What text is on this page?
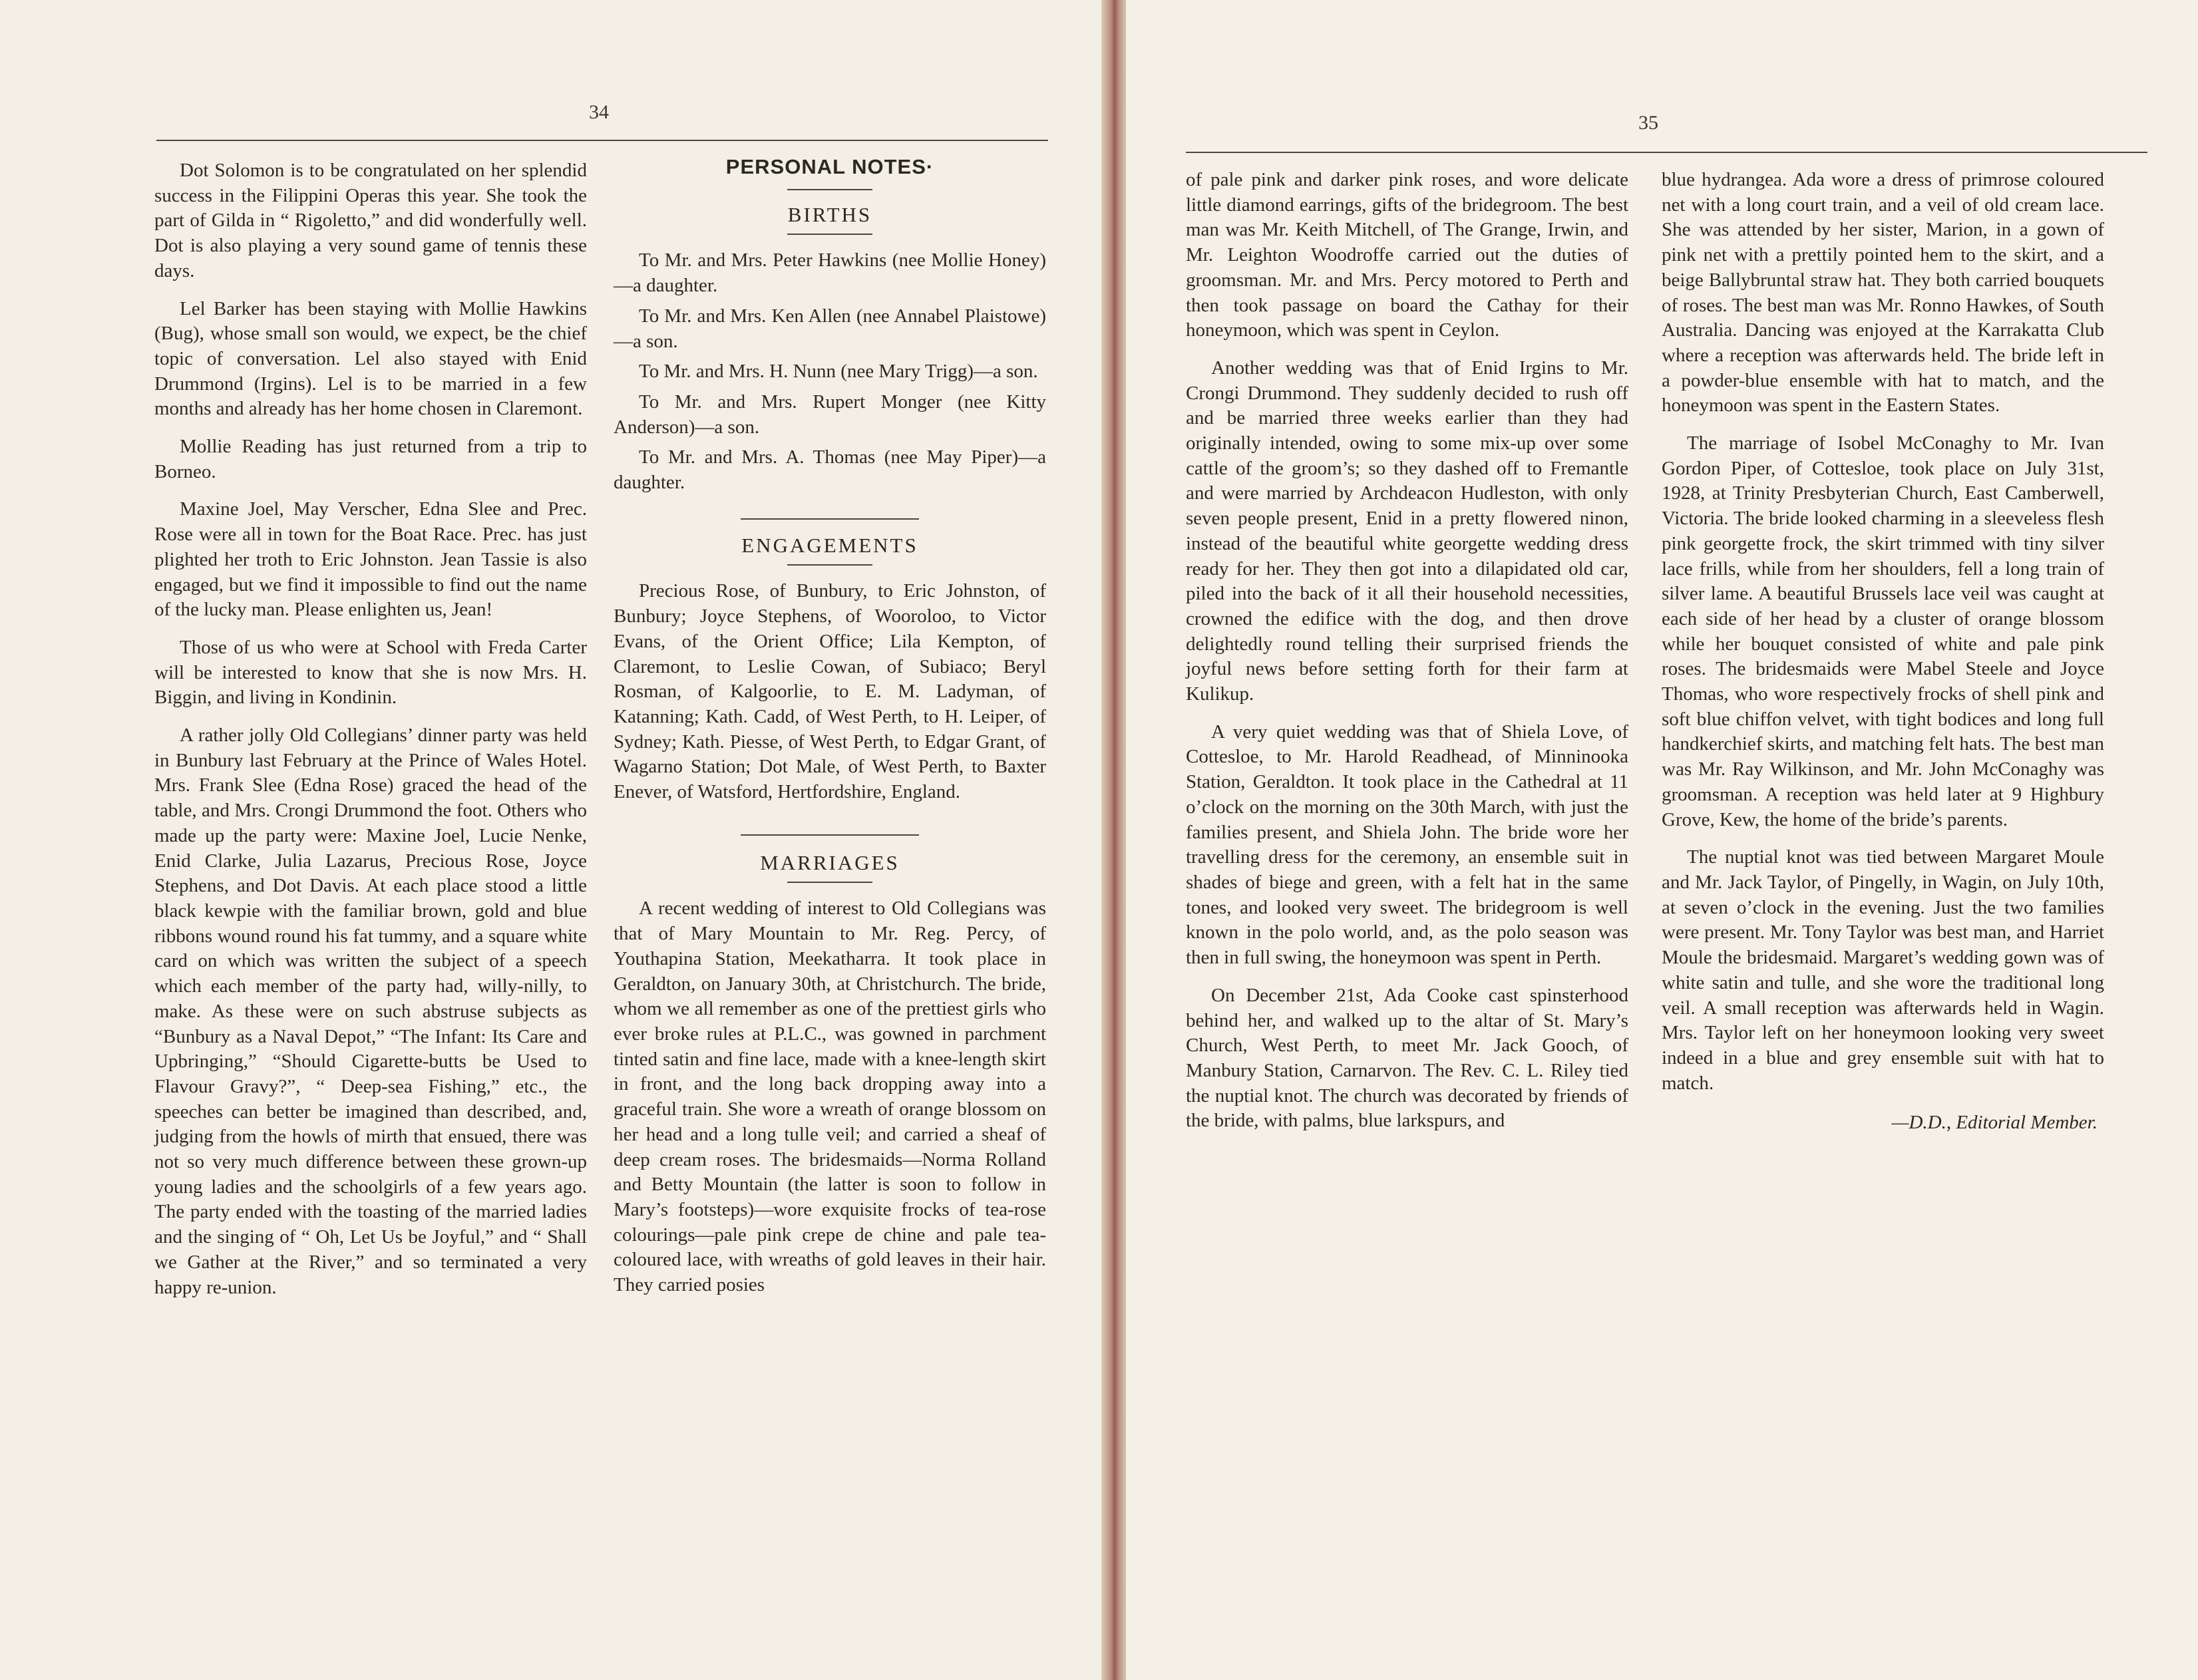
34

Dot Solomon is to be congratulated on her splendid success in the Filippini Operas this year. She took the part of Gilda in “ Rigoletto,” and did wonderfully well. Dot is also playing a very sound game of tennis these days.

Lel Barker has been staying with Mollie Hawkins (Bug), whose small son would, we expect, be the chief topic of conversation. Lel also stayed with Enid Drummond (Irgins). Lel is to be married in a few months and already has her home chosen in Claremont.

Mollie Reading has just returned from a trip to Borneo.

Maxine Joel, May Verscher, Edna Slee and Prec. Rose were all in town for the Boat Race. Prec. has just plighted her troth to Eric Johnston. Jean Tassie is also engaged, but we find it impossible to find out the name of the lucky man. Please enlighten us, Jean!

Those of us who were at School with Freda Carter will be interested to know that she is now Mrs. H. Biggin, and living in Kondinin.

A rather jolly Old Collegians’ dinner party was held in Bunbury last February at the Prince of Wales Hotel. Mrs. Frank Slee (Edna Rose) graced the head of the table, and Mrs. Crongi Drummond the foot. Others who made up the party were: Maxine Joel, Lucie Nenke, Enid Clarke, Julia Lazarus, Precious Rose, Joyce Stephens, and Dot Davis. At each place stood a little black kewpie with the familiar brown, gold and blue ribbons wound round his fat tummy, and a square white card on which was written the subject of a speech which each member of the party had, willy-nilly, to make. As these were on such abstruse subjects as “Bunbury as a Naval Depot,” “The Infant: Its Care and Upbringing,” “Should Cigarette-butts be Used to Flavour Gravy?”, “ Deep-sea Fishing,” etc., the speeches can better be imagined than described, and, judging from the howls of mirth that ensued, there was not so very much difference between these grown-up young ladies and the schoolgirls of a few years ago. The party ended with the toasting of the married ladies and the singing of “ Oh, Let Us be Joyful,” and “ Shall we Gather at the River,” and so terminated a very happy re-union.

PERSONAL NOTES·
BIRTHS

To Mr. and Mrs. Peter Hawkins (nee Mollie Honey)—a daughter.

To Mr. and Mrs. Ken Allen (nee Annabel Plaistowe)—a son.

To Mr. and Mrs. H. Nunn (nee Mary Trigg)—a son.

To Mr. and Mrs. Rupert Monger (nee Kitty Anderson)—a son.

To Mr. and Mrs. A. Thomas (nee May Piper)—a daughter.

ENGAGEMENTS

Precious Rose, of Bunbury, to Eric Johnston, of Bunbury; Joyce Stephens, of Wooroloo, to Victor Evans, of the Orient Office; Lila Kempton, of Claremont, to Leslie Cowan, of Subiaco; Beryl Rosman, of Kalgoorlie, to E. M. Ladyman, of Katanning; Kath. Cadd, of West Perth, to H. Leiper, of Sydney; Kath. Piesse, of West Perth, to Edgar Grant, of Wagarno Station; Dot Male, of West Perth, to Baxter Enever, of Watsford, Hertfordshire, England.

MARRIAGES

A recent wedding of interest to Old Collegians was that of Mary Mountain to Mr. Reg. Percy, of Youthapina Station, Meekatharra. It took place in Geraldton, on January 30th, at Christchurch. The bride, whom we all remember as one of the prettiest girls who ever broke rules at P.L.C., was gowned in parchment tinted satin and fine lace, made with a knee-length skirt in front, and the long back dropping away into a graceful train. She wore a wreath of orange blossom on her head and a long tulle veil; and carried a sheaf of deep cream roses. The bridesmaids—Norma Rolland and Betty Mountain (the latter is soon to follow in Mary’s footsteps)—wore exquisite frocks of tea-rose colourings—pale pink crepe de chine and pale tea-coloured lace, with wreaths of gold leaves in their hair. They carried posies

35

of pale pink and darker pink roses, and wore delicate little diamond earrings, gifts of the bridegroom. The best man was Mr. Keith Mitchell, of The Grange, Irwin, and Mr. Leighton Woodroffe carried out the duties of groomsman. Mr. and Mrs. Percy motored to Perth and then took passage on board the Cathay for their honeymoon, which was spent in Ceylon.

Another wedding was that of Enid Irgins to Mr. Crongi Drummond. They suddenly decided to rush off and be married three weeks earlier than they had originally intended, owing to some mix-up over some cattle of the groom’s; so they dashed off to Fremantle and were married by Archdeacon Hudleston, with only seven people present, Enid in a pretty flowered ninon, instead of the beautiful white georgette wedding dress ready for her. They then got into a dilapidated old car, piled into the back of it all their household necessities, crowned the edifice with the dog, and then drove delightedly round telling their surprised friends the joyful news before setting forth for their farm at Kulikup.

A very quiet wedding was that of Shiela Love, of Cottesloe, to Mr. Harold Readhead, of Minninooka Station, Geraldton. It took place in the Cathedral at 11 o’clock on the morning on the 30th March, with just the families present, and Shiela John. The bride wore her travelling dress for the ceremony, an ensemble suit in shades of biege and green, with a felt hat in the same tones, and looked very sweet. The bridegroom is well known in the polo world, and, as the polo season was then in full swing, the honeymoon was spent in Perth.

On December 21st, Ada Cooke cast spinsterhood behind her, and walked up to the altar of St. Mary’s Church, West Perth, to meet Mr. Jack Gooch, of Manbury Station, Carnarvon. The Rev. C. L. Riley tied the nuptial knot. The church was decorated by friends of the bride, with palms, blue larkspurs, and

blue hydrangea. Ada wore a dress of primrose coloured net with a long court train, and a veil of old cream lace. She was attended by her sister, Marion, in a gown of pink net with a prettily pointed hem to the skirt, and a beige Ballybruntal straw hat. They both carried bouquets of roses. The best man was Mr. Ronno Hawkes, of South Australia. Dancing was enjoyed at the Karrakatta Club where a reception was afterwards held. The bride left in a powder-blue ensemble with hat to match, and the honeymoon was spent in the Eastern States.

The marriage of Isobel McConaghy to Mr. Ivan Gordon Piper, of Cottesloe, took place on July 31st, 1928, at Trinity Presbyterian Church, East Camberwell, Victoria. The bride looked charming in a sleeveless flesh pink georgette frock, the skirt trimmed with tiny silver lace frills, while from her shoulders, fell a long train of silver lame. A beautiful Brussels lace veil was caught at each side of her head by a cluster of orange blossom while her bouquet consisted of white and pale pink roses. The bridesmaids were Mabel Steele and Joyce Thomas, who wore respectively frocks of shell pink and soft blue chiffon velvet, with tight bodices and long full handkerchief skirts, and matching felt hats. The best man was Mr. Ray Wilkinson, and Mr. John McConaghy was groomsman. A reception was held later at 9 Highbury Grove, Kew, the home of the bride’s parents.

The nuptial knot was tied between Margaret Moule and Mr. Jack Taylor, of Pingelly, in Wagin, on July 10th, at seven o’clock in the evening. Just the two families were present. Mr. Tony Taylor was best man, and Harriet Moule the bridesmaid. Margaret’s wedding gown was of white satin and tulle, and she wore the traditional long veil. A small reception was afterwards held in Wagin. Mrs. Taylor left on her honeymoon looking very sweet indeed in a blue and grey ensemble suit with hat to match.

—D.D., Editorial Member.
